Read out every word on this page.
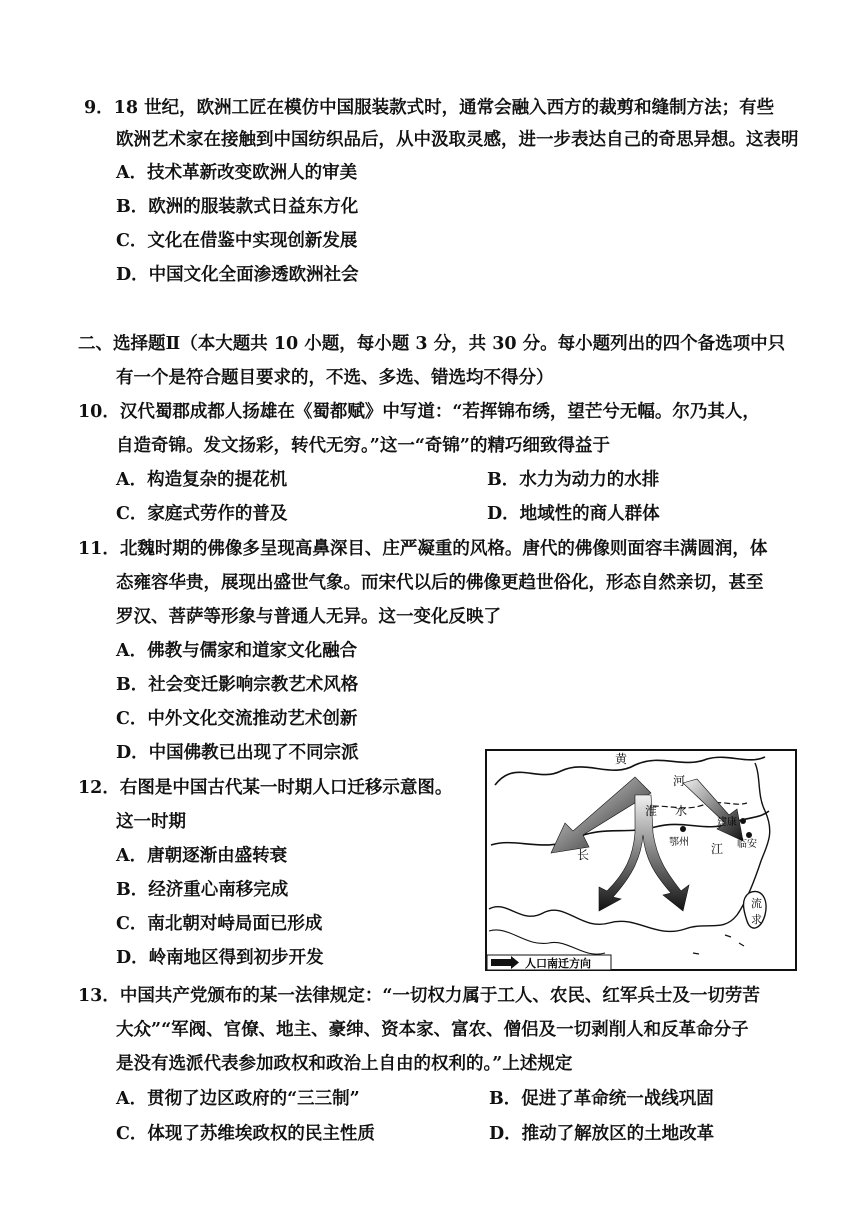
9．18 世纪，欧洲工匠在模仿中国服装款式时，通常会融入西方的裁剪和缝制方法；有些
欧洲艺术家在接触到中国纺织品后，从中汲取灵感，进一步表达自己的奇思异想。这表明
A．技术革新改变欧洲人的审美
B．欧洲的服装款式日益东方化
C．文化在借鉴中实现创新发展
D．中国文化全面渗透欧洲社会
二、选择题Ⅱ（本大题共 10 小题，每小题 3 分，共 30 分。每小题列出的四个备选项中只
有一个是符合题目要求的，不选、多选、错选均不得分）
10．汉代蜀郡成都人扬雄在《蜀都赋》中写道：“若挥锦布绣，望芒兮无幅。尔乃其人，
自造奇锦。发文扬彩，转代无穷。”这一“奇锦”的精巧细致得益于
A．构造复杂的提花机	B．水力为动力的水排
C．家庭式劳作的普及	D．地域性的商人群体
11．北魏时期的佛像多呈现高鼻深目、庄严凝重的风格。唐代的佛像则面容丰满圆润，体
态雍容华贵，展现出盛世气象。而宋代以后的佛像更趋世俗化，形态自然亲切，甚至
罗汉、菩萨等形象与普通人无异。这一变化反映了
A．佛教与儒家和道家文化融合
B．社会变迁影响宗教艺术风格
C．中外文化交流推动艺术创新
D．中国佛教已出现了不同宗派
12．右图是中国古代某一时期人口迁移示意图。
这一时期
A．唐朝逐渐由盛转衰
B．经济重心南移完成
C．南北朝对峙局面已形成
D．岭南地区得到初步开发
黄
河
淮 水
建康
临安
长
鄂州 江
流
求
人口南迁方向
13．中国共产党颁布的某一法律规定：“一切权力属于工人、农民、红军兵士及一切劳苦
大众”“军阀、官僚、地主、豪绅、资本家、富农、僧侣及一切剥削人和反革命分子
是没有选派代表参加政权和政治上自由的权利的。”上述规定
A．贯彻了边区政府的“三三制”	B．促进了革命统一战线巩固
C．体现了苏维埃政权的民主性质	D．推动了解放区的土地改革
